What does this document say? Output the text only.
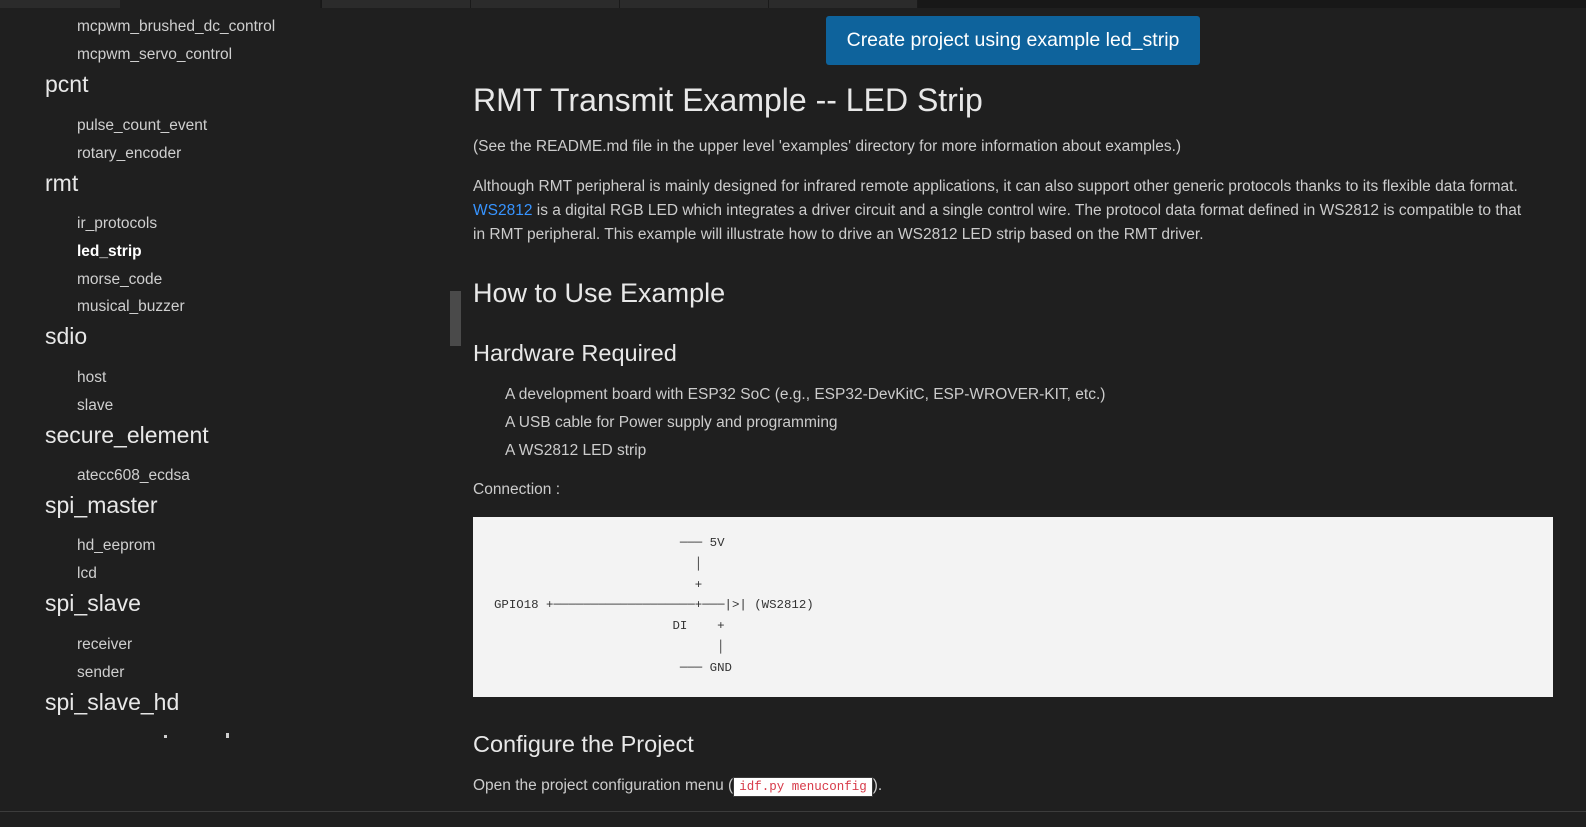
mcpwm_brushed_dc_control
mcpwm_servo_control
pcnt
pulse_count_event
rotary_encoder
rmt
ir_protocols
led_strip
morse_code
musical_buzzer
sdio
host
slave
secure_element
atecc608_ecdsa
spi_master
hd_eeprom
lcd
spi_slave
receiver
sender
spi_slave_hd
Create project using example led_strip
RMT Transmit Example -- LED Strip
(See the README.md file in the upper level 'examples' directory for more information about examples.)
Although RMT peripheral is mainly designed for infrared remote applications, it can also support other generic protocols thanks to its flexible data format. WS2812 is a digital RGB LED which integrates a driver circuit and a single control wire. The protocol data format defined in WS2812 is compatible to that in RMT peripheral. This example will illustrate how to drive an WS2812 LED strip based on the RMT driver.
How to Use Example
Hardware Required
A development board with ESP32 SoC (e.g., ESP32-DevKitC, ESP-WROVER-KIT, etc.)
A USB cable for Power supply and programming
A WS2812 LED strip
Connection :
─── 5V
│
+
GPIO18 +───────────────────+───|>| (WS2812)
DI    +
│
─── GND
Configure the Project
Open the project configuration menu ( idf.py menuconfig ).
